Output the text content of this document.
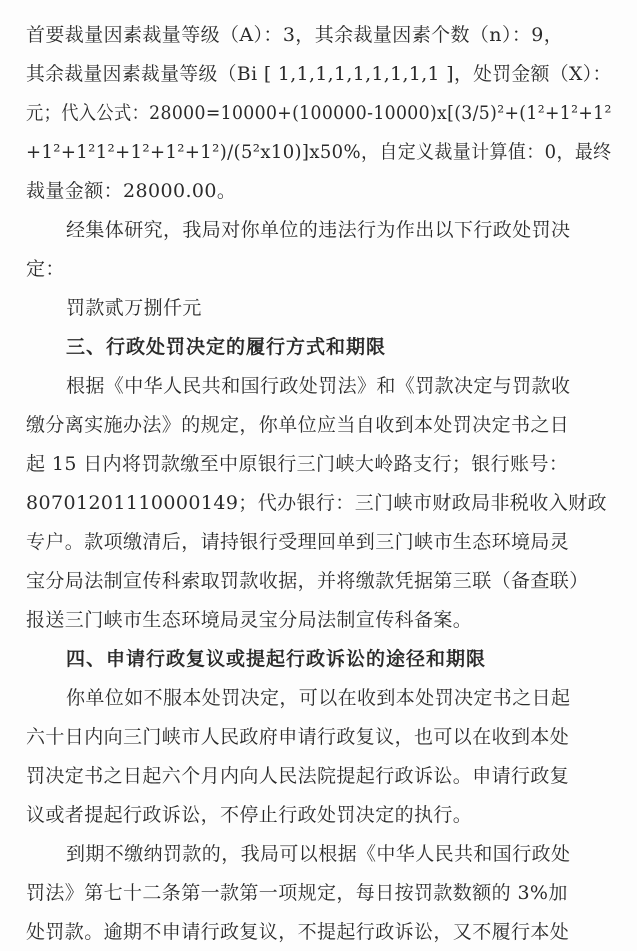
首要裁量因素裁量等级（A）：3，其余裁量因素个数（n）：9，
其余裁量因素裁量等级（Bi [ 1,1,1,1,1,1,1,1,1 ]，处罚金额（X）：
元；代入公式：28000=10000+(100000-10000)x[(3/5)²+(1²+1²+1²
+1²+1²1²+1²+1²+1²)/(5²x10)]x50%，自定义裁量计算值：0，最终
裁量金额：28000.00。
经集体研究，我局对你单位的违法行为作出以下行政处罚决
定：
罚款贰万捌仟元
三、行政处罚决定的履行方式和期限
根据《中华人民共和国行政处罚法》和《罚款决定与罚款收
缴分离实施办法》的规定，你单位应当自收到本处罚决定书之日
起 15 日内将罚款缴至中原银行三门峡大岭路支行；银行账号：
80701201110000149；代办银行：三门峡市财政局非税收入财政
专户。款项缴清后，请持银行受理回单到三门峡市生态环境局灵
宝分局法制宣传科索取罚款收据，并将缴款凭据第三联（备查联）
报送三门峡市生态环境局灵宝分局法制宣传科备案。
四、申请行政复议或提起行政诉讼的途径和期限
你单位如不服本处罚决定，可以在收到本处罚决定书之日起
六十日内向三门峡市人民政府申请行政复议，也可以在收到本处
罚决定书之日起六个月内向人民法院提起行政诉讼。申请行政复
议或者提起行政诉讼，不停止行政处罚决定的执行。
到期不缴纳罚款的，我局可以根据《中华人民共和国行政处
罚法》第七十二条第一款第一项规定，每日按罚款数额的 3%加
处罚款。逾期不申请行政复议，不提起行政诉讼，又不履行本处
